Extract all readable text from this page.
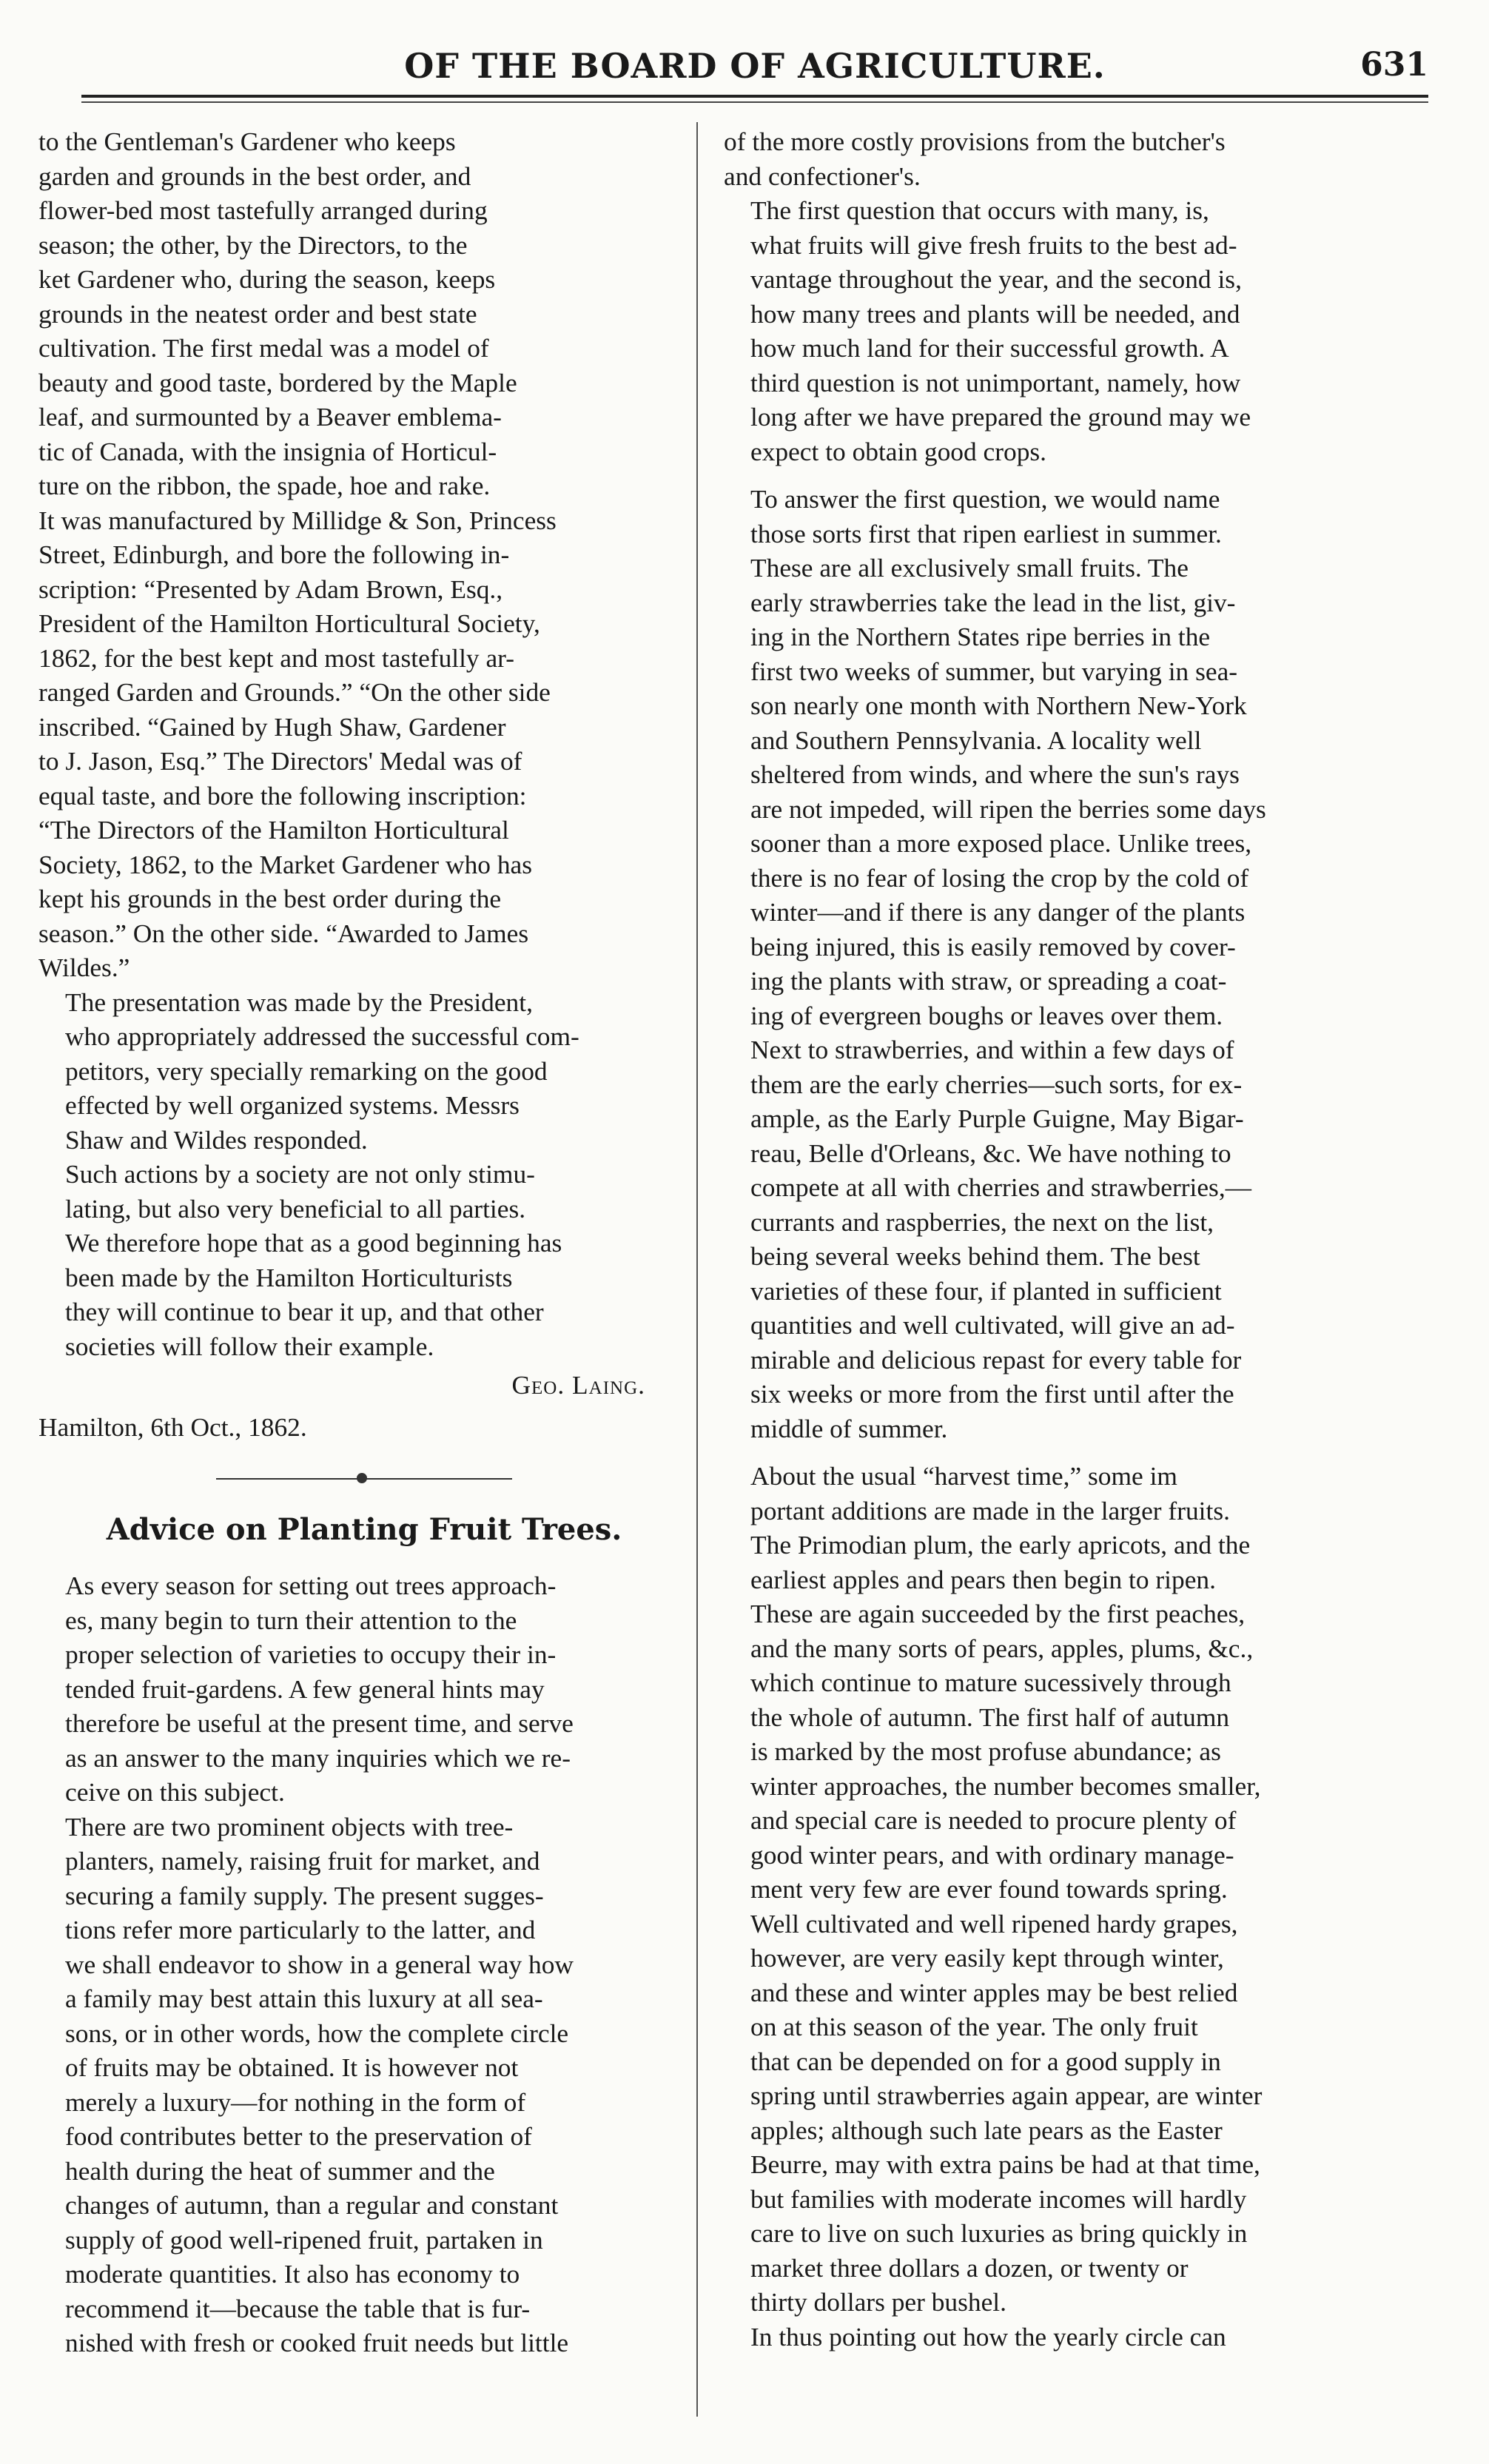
OF THE BOARD OF AGRICULTURE.	631

to the Gentleman's Gardener who keeps
garden and grounds in the best order, and
flower-bed most tastefully arranged during
season; the other, by the Directors, to the
ket Gardener who, during the season, keeps
grounds in the neatest order and best state
cultivation. The first medal was a model of
beauty and good taste, bordered by the Maple
leaf, and surmounted by a Beaver emblema-
tic of Canada, with the insignia of Horticul-
ture on the ribbon, the spade, hoe and rake.
It was manufactured by Millidge & Son, Princess
Street, Edinburgh, and bore the following in-
scription: “Presented by Adam Brown, Esq.,
President of the Hamilton Horticultural Society,
1862, for the best kept and most tastefully ar-
ranged Garden and Grounds.” “On the other side
inscribed. “Gained by Hugh Shaw, Gardener
to J. Jason, Esq.” The Directors' Medal was of
equal taste, and bore the following inscription:
“The Directors of the Hamilton Horticultural
Society, 1862, to the Market Gardener who has
kept his grounds in the best order during the
season.” On the other side. “Awarded to James
Wildes.”

The presentation was made by the President,
who appropriately addressed the successful com-
petitors, very specially remarking on the good
effected by well organized systems. Messrs
Shaw and Wildes responded.

Such actions by a society are not only stimu-
lating, but also very beneficial to all parties.
We therefore hope that as a good beginning has
been made by the Hamilton Horticulturists
they will continue to bear it up, and that other
societies will follow their example.

Geo. Laing.

Hamilton, 6th Oct., 1862.

Advice on Planting Fruit Trees.

As every season for setting out trees approach-
es, many begin to turn their attention to the
proper selection of varieties to occupy their in-
tended fruit-gardens. A few general hints may
therefore be useful at the present time, and serve
as an answer to the many inquiries which we re-
ceive on this subject.

There are two prominent objects with tree-
planters, namely, raising fruit for market, and
securing a family supply. The present sugges-
tions refer more particularly to the latter, and
we shall endeavor to show in a general way how
a family may best attain this luxury at all sea-
sons, or in other words, how the complete circle
of fruits may be obtained. It is however not
merely a luxury—for nothing in the form of
food contributes better to the preservation of
health during the heat of summer and the
changes of autumn, than a regular and constant
supply of good well-ripened fruit, partaken in
moderate quantities. It also has economy to
recommend it—because the table that is fur-
nished with fresh or cooked fruit needs but little

of the more costly provisions from the butcher's
and confectioner's.

The first question that occurs with many, is,
what fruits will give fresh fruits to the best ad-
vantage throughout the year, and the second is,
how many trees and plants will be needed, and
how much land for their successful growth. A
third question is not unimportant, namely, how
long after we have prepared the ground may we
expect to obtain good crops.

To answer the first question, we would name
those sorts first that ripen earliest in summer.
These are all exclusively small fruits. The
early strawberries take the lead in the list, giv-
ing in the Northern States ripe berries in the
first two weeks of summer, but varying in sea-
son nearly one month with Northern New-York
and Southern Pennsylvania. A locality well
sheltered from winds, and where the sun's rays
are not impeded, will ripen the berries some days
sooner than a more exposed place. Unlike trees,
there is no fear of losing the crop by the cold of
winter—and if there is any danger of the plants
being injured, this is easily removed by cover-
ing the plants with straw, or spreading a coat-
ing of evergreen boughs or leaves over them.

Next to strawberries, and within a few days of
them are the early cherries—such sorts, for ex-
ample, as the Early Purple Guigne, May Bigar-
reau, Belle d'Orleans, &c. We have nothing to
compete at all with cherries and strawberries,—
currants and raspberries, the next on the list,
being several weeks behind them. The best
varieties of these four, if planted in sufficient
quantities and well cultivated, will give an ad-
mirable and delicious repast for every table for
six weeks or more from the first until after the
middle of summer.

About the usual “harvest time,” some im
portant additions are made in the larger fruits.
The Primodian plum, the early apricots, and the
earliest apples and pears then begin to ripen.
These are again succeeded by the first peaches,
and the many sorts of pears, apples, plums, &c.,
which continue to mature sucessively through
the whole of autumn. The first half of autumn
is marked by the most profuse abundance; as
winter approaches, the number becomes smaller,
and special care is needed to procure plenty of
good winter pears, and with ordinary manage-
ment very few are ever found towards spring.
Well cultivated and well ripened hardy grapes,
however, are very easily kept through winter,
and these and winter apples may be best relied
on at this season of the year. The only fruit
that can be depended on for a good supply in
spring until strawberries again appear, are winter
apples; although such late pears as the Easter
Beurre, may with extra pains be had at that time,
but families with moderate incomes will hardly
care to live on such luxuries as bring quickly in
market three dollars a dozen, or twenty or
thirty dollars per bushel.

In thus pointing out how the yearly circle can
